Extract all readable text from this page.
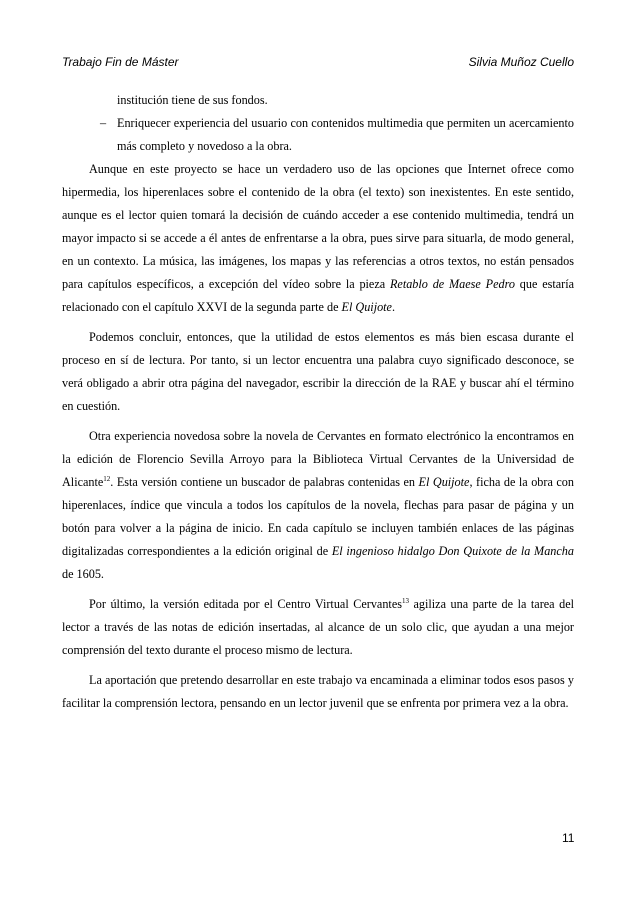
Trabajo Fin de Máster	Silvia Muñoz Cuello

institución tiene de sus fondos.

– Enriquecer experiencia del usuario con contenidos multimedia que permiten un acercamiento más completo y novedoso a la obra.

Aunque en este proyecto se hace un verdadero uso de las opciones que Internet ofrece como hipermedia, los hiperenlaces sobre el contenido de la obra (el texto) son inexistentes. En este sentido, aunque es el lector quien tomará la decisión de cuándo acceder a ese contenido multimedia, tendrá un mayor impacto si se accede a él antes de enfrentarse a la obra, pues sirve para situarla, de modo general, en un contexto. La música, las imágenes, los mapas y las referencias a otros textos, no están pensados para capítulos específicos, a excepción del vídeo sobre la pieza Retablo de Maese Pedro que estaría relacionado con el capítulo XXVI de la segunda parte de El Quijote.

Podemos concluir, entonces, que la utilidad de estos elementos es más bien escasa durante el proceso en sí de lectura. Por tanto, si un lector encuentra una palabra cuyo significado desconoce, se verá obligado a abrir otra página del navegador, escribir la dirección de la RAE y buscar ahí el término en cuestión.

Otra experiencia novedosa sobre la novela de Cervantes en formato electrónico la encontramos en la edición de Florencio Sevilla Arroyo para la Biblioteca Virtual Cervantes de la Universidad de Alicante$^{12}$. Esta versión contiene un buscador de palabras contenidas en El Quijote, ficha de la obra con hiperenlaces, índice que vincula a todos los capítulos de la novela, flechas para pasar de página y un botón para volver a la página de inicio. En cada capítulo se incluyen también enlaces de las páginas digitalizadas correspondientes a la edición original de El ingenioso hidalgo Don Quixote de la Mancha de 1605.

Por último, la versión editada por el Centro Virtual Cervantes$^{13}$ agiliza una parte de la tarea del lector a través de las notas de edición insertadas, al alcance de un solo clic, que ayudan a una mejor comprensión del texto durante el proceso mismo de lectura.

La aportación que pretendo desarrollar en este trabajo va encaminada a eliminar todos esos pasos y facilitar la comprensión lectora, pensando en un lector juvenil que se enfrenta por primera vez a la obra.

11
